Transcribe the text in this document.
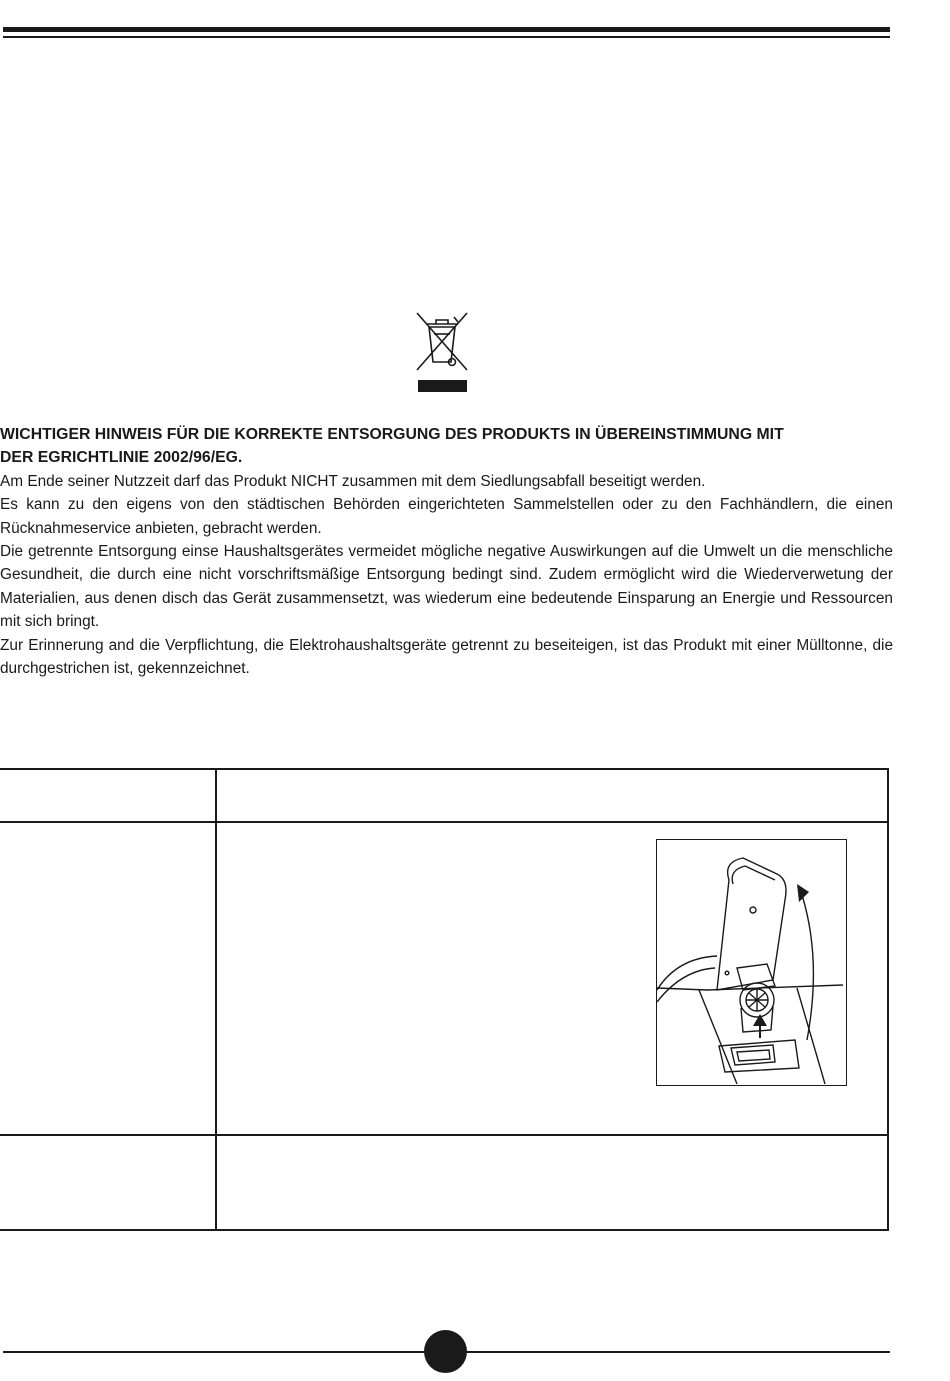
WICHTIGER HINWEIS FÜR DIE KORREKTE ENTSORGUNG DES PRODUKTS IN ÜBEREINSTIMMUNG MIT
DER EGRICHTLINIE 2002/96/EG.

Am Ende seiner Nutzzeit darf das Produkt NICHT zusammen mit dem Siedlungsabfall beseitigt werden.

Es kann zu den eigens von den städtischen Behörden eingerichteten Sammelstellen oder zu den Fachhändlern, die einen Rücknahmeservice anbieten, gebracht werden.

Die getrennte Entsorgung einse Haushaltsgerätes vermeidet mögliche negative Auswirkungen auf die Umwelt un die menschliche Gesundheit, die durch eine nicht vorschriftsmäßige Entsorgung bedingt sind. Zudem ermöglicht wird die Wiederverwetung der Materialien, aus denen disch das Gerät zusammensetzt, was wiederum eine bedeutende Einsparung an Energie und Ressourcen mit sich bringt.

Zur Erinnerung and die Verpflichtung, die Elektrohaushaltsgeräte getrennt zu beseiteigen, ist das Produkt mit einer Mülltonne, die durchgestrichen ist, gekennzeichnet.
